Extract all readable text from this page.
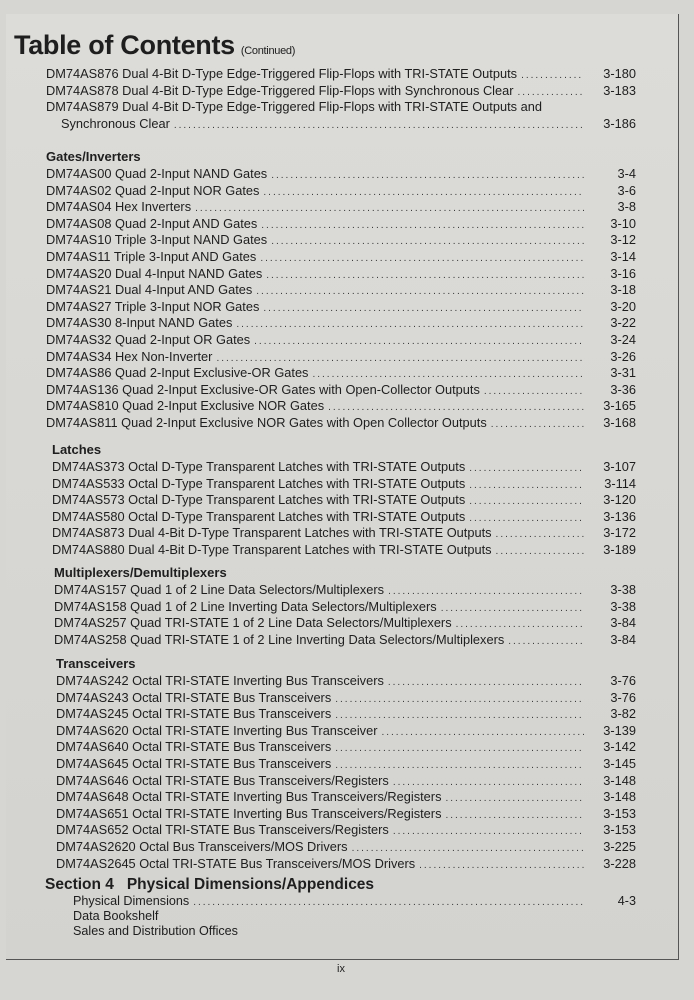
Table of Contents (Continued)
DM74AS876 Dual 4-Bit D-Type Edge-Triggered Flip-Flops with TRI-STATE Outputs .....	3-180
DM74AS878 Dual 4-Bit D-Type Edge-Triggered Flip-Flops with Synchronous Clear .....	3-183
DM74AS879 Dual 4-Bit D-Type Edge-Triggered Flip-Flops with TRI-STATE Outputs and
Synchronous Clear .....	3-186
Gates/Inverters
DM74AS00 Quad 2-Input NAND Gates .....	3-4
DM74AS02 Quad 2-Input NOR Gates .....	3-6
DM74AS04 Hex Inverters .....	3-8
DM74AS08 Quad 2-Input AND Gates .....	3-10
DM74AS10 Triple 3-Input NAND Gates .....	3-12
DM74AS11 Triple 3-Input AND Gates .....	3-14
DM74AS20 Dual 4-Input NAND Gates .....	3-16
DM74AS21 Dual 4-Input AND Gates .....	3-18
DM74AS27 Triple 3-Input NOR Gates .....	3-20
DM74AS30 8-Input NAND Gates .....	3-22
DM74AS32 Quad 2-Input OR Gates .....	3-24
DM74AS34 Hex Non-Inverter .....	3-26
DM74AS86 Quad 2-Input Exclusive-OR Gates .....	3-31
DM74AS136 Quad 2-Input Exclusive-OR Gates with Open-Collector Outputs .....	3-36
DM74AS810 Quad 2-Input Exclusive NOR Gates .....	3-165
DM74AS811 Quad 2-Input Exclusive NOR Gates with Open Collector Outputs .....	3-168
Latches
DM74AS373 Octal D-Type Transparent Latches with TRI-STATE Outputs .....	3-107
DM74AS533 Octal D-Type Transparent Latches with TRI-STATE Outputs .....	3-114
DM74AS573 Octal D-Type Transparent Latches with TRI-STATE Outputs .....	3-120
DM74AS580 Octal D-Type Transparent Latches with TRI-STATE Outputs .....	3-136
DM74AS873 Dual 4-Bit D-Type Transparent Latches with TRI-STATE Outputs .....	3-172
DM74AS880 Dual 4-Bit D-Type Transparent Latches with TRI-STATE Outputs .....	3-189
Multiplexers/Demultiplexers
DM74AS157 Quad 1 of 2 Line Data Selectors/Multiplexers .....	3-38
DM74AS158 Quad 1 of 2 Line Inverting Data Selectors/Multiplexers .....	3-38
DM74AS257 Quad TRI-STATE 1 of 2 Line Data Selectors/Multiplexers .....	3-84
DM74AS258 Quad TRI-STATE 1 of 2 Line Inverting Data Selectors/Multiplexers .....	3-84
Transceivers
DM74AS242 Octal TRI-STATE Inverting Bus Transceivers .....	3-76
DM74AS243 Octal TRI-STATE Bus Transceivers .....	3-76
DM74AS245 Octal TRI-STATE Bus Transceivers .....	3-82
DM74AS620 Octal TRI-STATE Inverting Bus Transceiver .....	3-139
DM74AS640 Octal TRI-STATE Bus Transceivers .....	3-142
DM74AS645 Octal TRI-STATE Bus Transceivers .....	3-145
DM74AS646 Octal TRI-STATE Bus Transceivers/Registers .....	3-148
DM74AS648 Octal TRI-STATE Inverting Bus Transceivers/Registers .....	3-148
DM74AS651 Octal TRI-STATE Inverting Bus Transceivers/Registers .....	3-153
DM74AS652 Octal TRI-STATE Bus Transceivers/Registers .....	3-153
DM74AS2620 Octal Bus Transceivers/MOS Drivers .....	3-225
DM74AS2645 Octal TRI-STATE Bus Transceivers/MOS Drivers .....	3-228
Section 4   Physical Dimensions/Appendices
Physical Dimensions .....	4-3
Data Bookshelf
Sales and Distribution Offices
ix
